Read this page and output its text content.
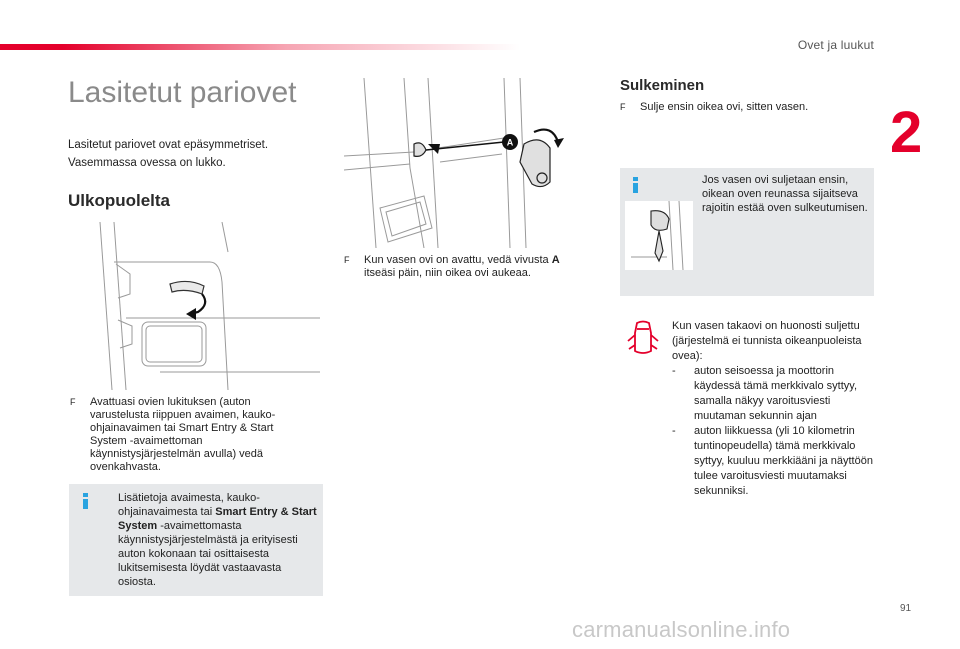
Ovet ja luukut
2
Lasitetut pariovet
Lasitetut pariovet ovat epäsymmetriset.
Vasemmassa ovessa on lukko.
Ulkopuolelta
F	Avattuasi ovien lukituksen (auton varustelusta riippuen avaimen, kauko-ohjainavaimen tai Smart Entry & Start System -avaimettoman käynnistysjärjestelmän avulla) vedä ovenkahvasta.
Lisätietoja avaimesta, kauko-ohjainavaimesta tai Smart Entry & Start System -avaimettomasta käynnistysjärjestelmästä ja erityisesti auton kokonaan tai osittaisesta lukitsemisesta löydät vastaavasta osiosta.
A
F	Kun vasen ovi on avattu, vedä vivusta A itseäsi päin, niin oikea ovi aukeaa.
Sulkeminen
F	Sulje ensin oikea ovi, sitten vasen.
Jos vasen ovi suljetaan ensin, oikean oven reunassa sijaitseva rajoitin estää oven sulkeutumisen.
Kun vasen takaovi on huonosti suljettu (järjestelmä ei tunnista oikeanpuoleista ovea):
-	auton seisoessa ja moottorin käydessä tämä merkkivalo syttyy, samalla näkyy varoitusviesti muutaman sekunnin ajan
-	auton liikkuessa (yli 10 kilometrin tuntinopeudella) tämä merkkivalo syttyy, kuuluu merkkiääni ja näyttöön tulee varoitusviesti muutamaksi sekunniksi.
91
carmanualsonline.info
